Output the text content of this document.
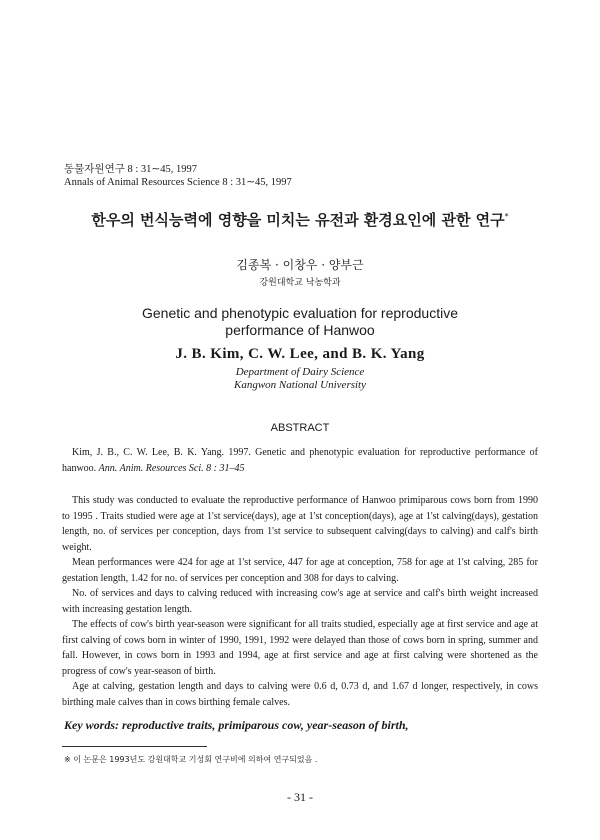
동물자원연구 8 : 31∼45, 1997
Annals of Animal Resources Science 8 : 31∼45, 1997
한우의 번식능력에 영향을 미치는 유전과 환경요인에 관한 연구*
김종복 · 이창우 · 양부근
강원대학교 낙농학과
Genetic and phenotypic evaluation for reproductive
performance of Hanwoo
J. B. Kim, C. W. Lee, and B. K. Yang
Department of Dairy Science
Kangwon National University
ABSTRACT

Kim, J. B., C. W. Lee, B. K. Yang. 1997. Genetic and phenotypic evaluation for reproductive performance of hanwoo. Ann. Anim. Resources Sci. 8 : 31–45

This study was conducted to evaluate the reproductive performance of Hanwoo primiparous cows born from 1990 to 1995 . Traits studied were age at 1'st service(days), age at 1'st conception(days), age at 1'st calving(days), gestation length, no. of services per conception, days from 1'st service to subsequent calving(days to calving) and calf's birth weight.

Mean performances were 424 for age at 1'st service, 447 for age at conception, 758 for age at 1'st calving, 285 for gestation length, 1.42 for no. of services per conception and 308 for days to calving.

No. of services and days to calving reduced with increasing cow's age at service and calf's birth weight increased with increasing gestation length.

The effects of cow's birth year-season were significant for all traits studied, especially age at first service and age at first calving of cows born in winter of 1990, 1991, 1992 were delayed than those of cows born in spring, summer and fall. However, in cows born in 1993 and 1994, age at first service and age at first calving were shortened as the progress of cow's year-season of birth.

Age at calving, gestation length and days to calving were 0.6 d, 0.73 d, and 1.67 d longer, respectively, in cows birthing male calves than in cows birthing female calves.

Key words: reproductive traits, primiparous cow, year-season of birth,
※ 이 논문은 1993년도 강원대학교 기성회 연구비에 의하여 연구되었음 .
- 31 -
